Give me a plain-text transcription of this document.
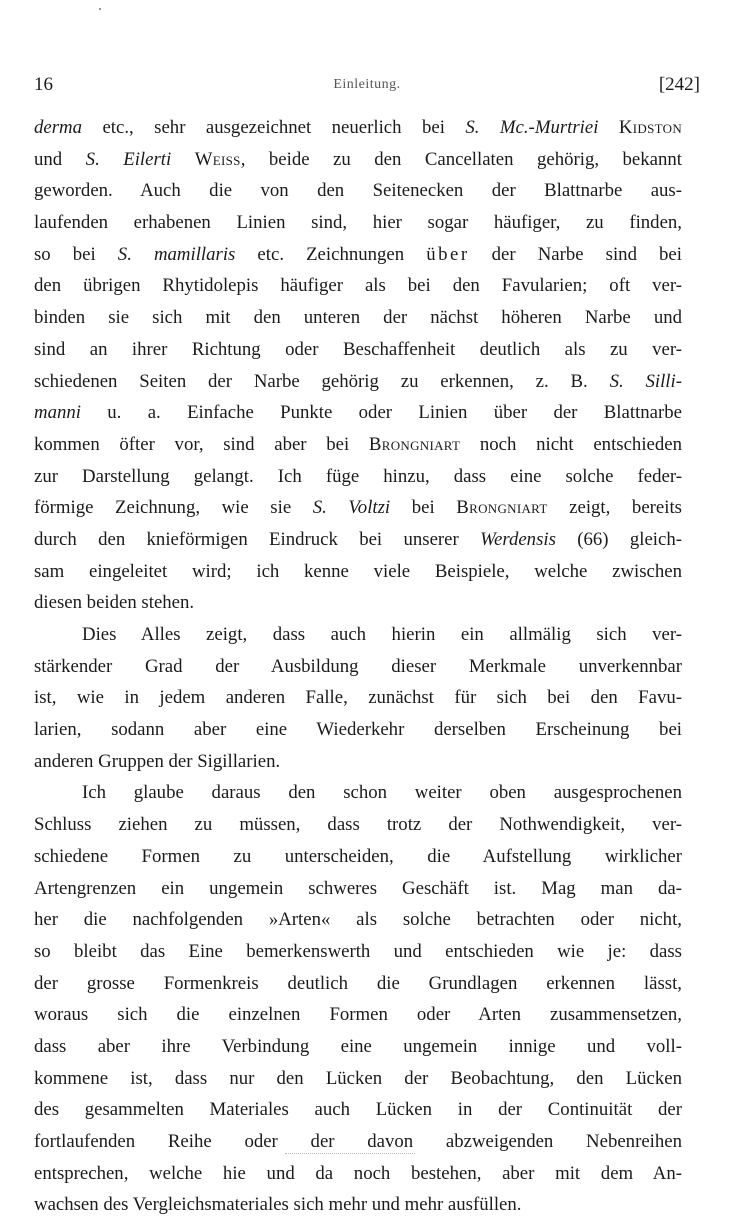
16	Einleitung.	[242]
derma etc., sehr ausgezeichnet neuerlich bei S. Mc.-Murtriei Kidston
und S. Eilerti Weiss, beide zu den Cancellaten gehörig, bekannt
geworden. Auch die von den Seitenecken der Blattnarbe aus-
laufenden erhabenen Linien sind, hier sogar häufiger, zu finden,
so bei S. mamillaris etc. Zeichnungen über der Narbe sind bei
den übrigen Rhytidolepis häufiger als bei den Favularien; oft ver-
binden sie sich mit den unteren der nächst höheren Narbe und
sind an ihrer Richtung oder Beschaffenheit deutlich als zu ver-
schiedenen Seiten der Narbe gehörig zu erkennen, z. B. S. Silli-
manni u. a. Einfache Punkte oder Linien über der Blattnarbe
kommen öfter vor, sind aber bei Brongniart noch nicht entschieden
zur Darstellung gelangt. Ich füge hinzu, dass eine solche feder-
förmige Zeichnung, wie sie S. Voltzi bei Brongniart zeigt, bereits
durch den knieförmigen Eindruck bei unserer Werdensis (66) gleich-
sam eingeleitet wird; ich kenne viele Beispiele, welche zwischen
diesen beiden stehen.
Dies Alles zeigt, dass auch hierin ein allmälig sich ver-
stärkender Grad der Ausbildung dieser Merkmale unverkennbar
ist, wie in jedem anderen Falle, zunächst für sich bei den Favu-
larien, sodann aber eine Wiederkehr derselben Erscheinung bei
anderen Gruppen der Sigillarien.
Ich glaube daraus den schon weiter oben ausgesprochenen
Schluss ziehen zu müssen, dass trotz der Nothwendigkeit, ver-
schiedene Formen zu unterscheiden, die Aufstellung wirklicher
Artengrenzen ein ungemein schweres Geschäft ist. Mag man da-
her die nachfolgenden »Arten« als solche betrachten oder nicht,
so bleibt das Eine bemerkenswerth und entschieden wie je: dass
der grosse Formenkreis deutlich die Grundlagen erkennen lässt,
woraus sich die einzelnen Formen oder Arten zusammensetzen,
dass aber ihre Verbindung eine ungemein innige und voll-
kommene ist, dass nur den Lücken der Beobachtung, den Lücken
des gesammelten Materiales auch Lücken in der Continuität der
fortlaufenden Reihe oder der davon abzweigenden Nebenreihen
entsprechen, welche hie und da noch bestehen, aber mit dem An-
wachsen des Vergleichsmateriales sich mehr und mehr ausfüllen.
